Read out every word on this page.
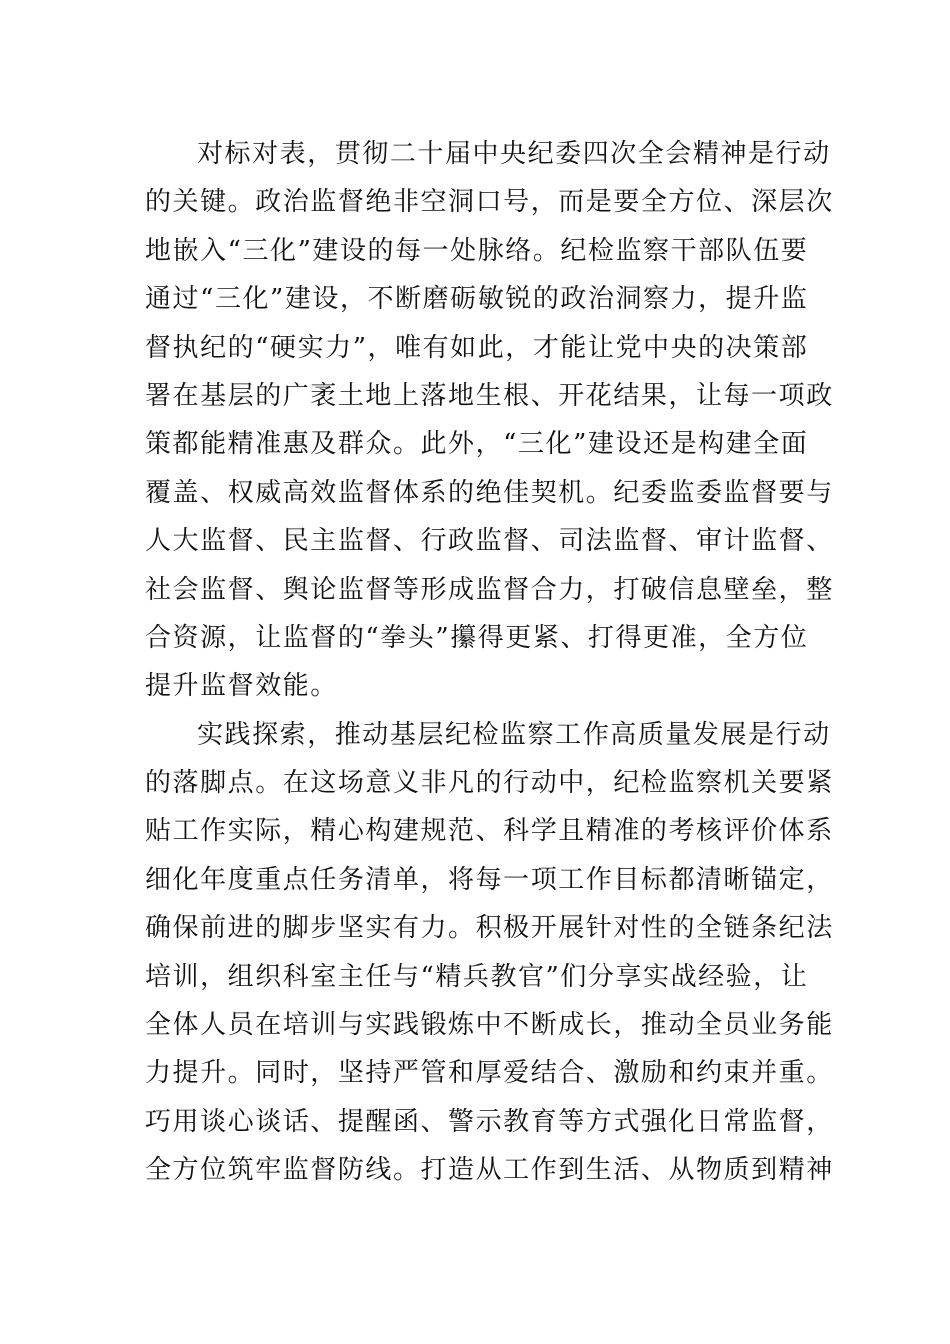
对标对表，贯彻二十届中央纪委四次全会精神是行动
的关键。政治监督绝非空洞口号，而是要全方位、深层次
地嵌入“三化”建设的每一处脉络。纪检监察干部队伍要
通过“三化”建设，不断磨砺敏锐的政治洞察力，提升监
督执纪的“硬实力”，唯有如此，才能让党中央的决策部
署在基层的广袤土地上落地生根、开花结果，让每一项政
策都能精准惠及群众。此外，“三化”建设还是构建全面
覆盖、权威高效监督体系的绝佳契机。纪委监委监督要与
人大监督、民主监督、行政监督、司法监督、审计监督、
社会监督、舆论监督等形成监督合力，打破信息壁垒，整
合资源，让监督的“拳头”攥得更紧、打得更准，全方位
提升监督效能。
实践探索，推动基层纪检监察工作高质量发展是行动
的落脚点。在这场意义非凡的行动中，纪检监察机关要紧
贴工作实际，精心构建规范、科学且精准的考核评价体系
细化年度重点任务清单，将每一项工作目标都清晰锚定，
确保前进的脚步坚实有力。积极开展针对性的全链条纪法
培训，组织科室主任与“精兵教官”们分享实战经验，让
全体人员在培训与实践锻炼中不断成长，推动全员业务能
力提升。同时，坚持严管和厚爱结合、激励和约束并重。
巧用谈心谈话、提醒函、警示教育等方式强化日常监督，
全方位筑牢监督防线。打造从工作到生活、从物质到精神
